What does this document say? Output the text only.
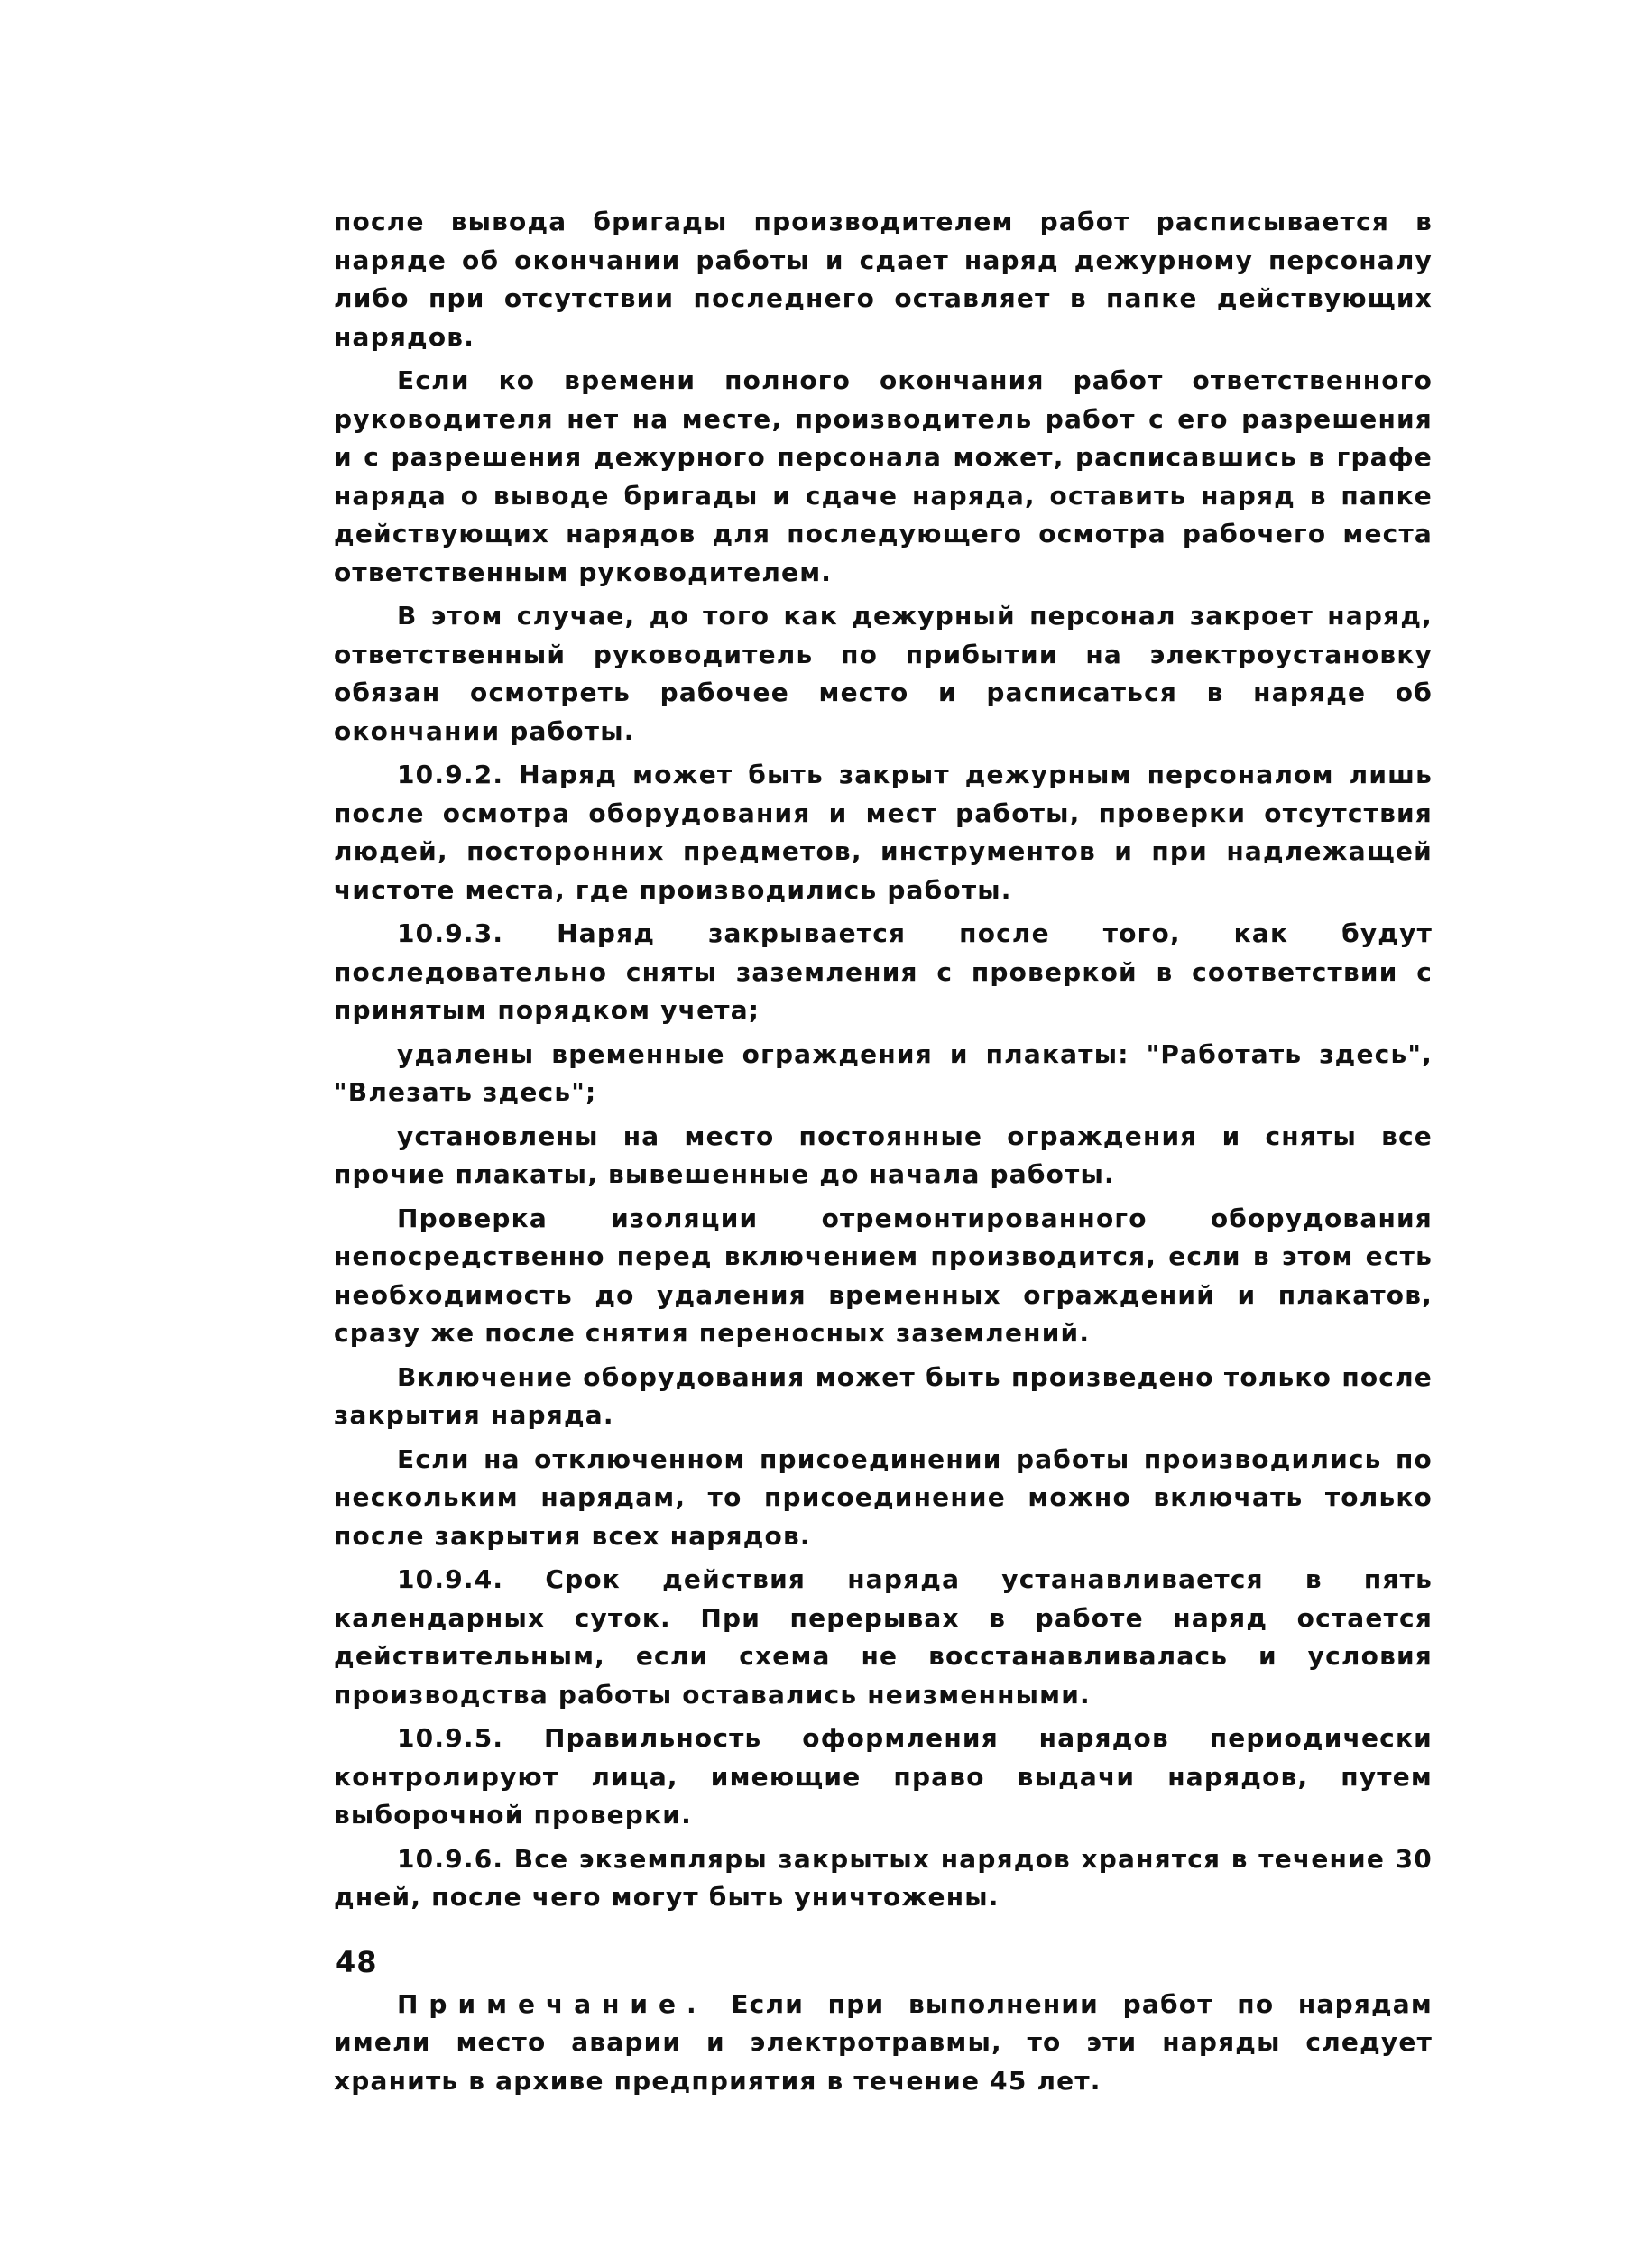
после вывода бригады производителем работ расписывается в наряде об окончании работы и сдает наряд дежурному персоналу либо при отсутствии последнего оставляет в папке действующих нарядов.

Если ко времени полного окончания работ ответственного руководителя нет на месте, производитель работ с его разрешения и с разрешения дежурного персонала может, расписавшись в графе наряда о выводе бригады и сдаче наряда, оставить наряд в папке действующих нарядов для последующего осмотра рабочего места ответственным руководителем.

В этом случае, до того как дежурный персонал закроет наряд, ответственный руководитель по прибытии на электроустановку обязан осмотреть рабочее место и расписаться в наряде об окончании работы.

10.9.2. Наряд может быть закрыт дежурным персоналом лишь после осмотра оборудования и мест работы, проверки отсутствия людей, посторонних предметов, инструментов и при надлежащей чистоте места, где производились работы.

10.9.3. Наряд закрывается после того, как будут последовательно сняты заземления с проверкой в соответствии с принятым порядком учета;

удалены временные ограждения и плакаты: "Работать здесь", "Влезать здесь";

установлены на место постоянные ограждения и сняты все прочие плакаты, вывешенные до начала работы.

Проверка изоляции отремонтированного оборудования непосредственно перед включением производится, если в этом есть необходимость до удаления временных ограждений и плакатов, сразу же после снятия переносных заземлений.

Включение оборудования может быть произведено только после закрытия наряда.

Если на отключенном присоединении работы производились по нескольким нарядам, то присоединение можно включать только после закрытия всех нарядов.

10.9.4. Срок действия наряда устанавливается в пять календарных суток. При перерывах в работе наряд остается действительным, если схема не восстанавливалась и условия производства работы оставались неизменными.

10.9.5. Правильность оформления нарядов периодически контролируют лица, имеющие право выдачи нарядов, путем выборочной проверки.

10.9.6. Все экземпляры закрытых нарядов хранятся в течение 30 дней, после чего могут быть уничтожены.

Примечание. Если при выполнении работ по нарядам имели место аварии и электротравмы, то эти наряды следует хранить в архиве предприятия в течение 45 лет.

48
